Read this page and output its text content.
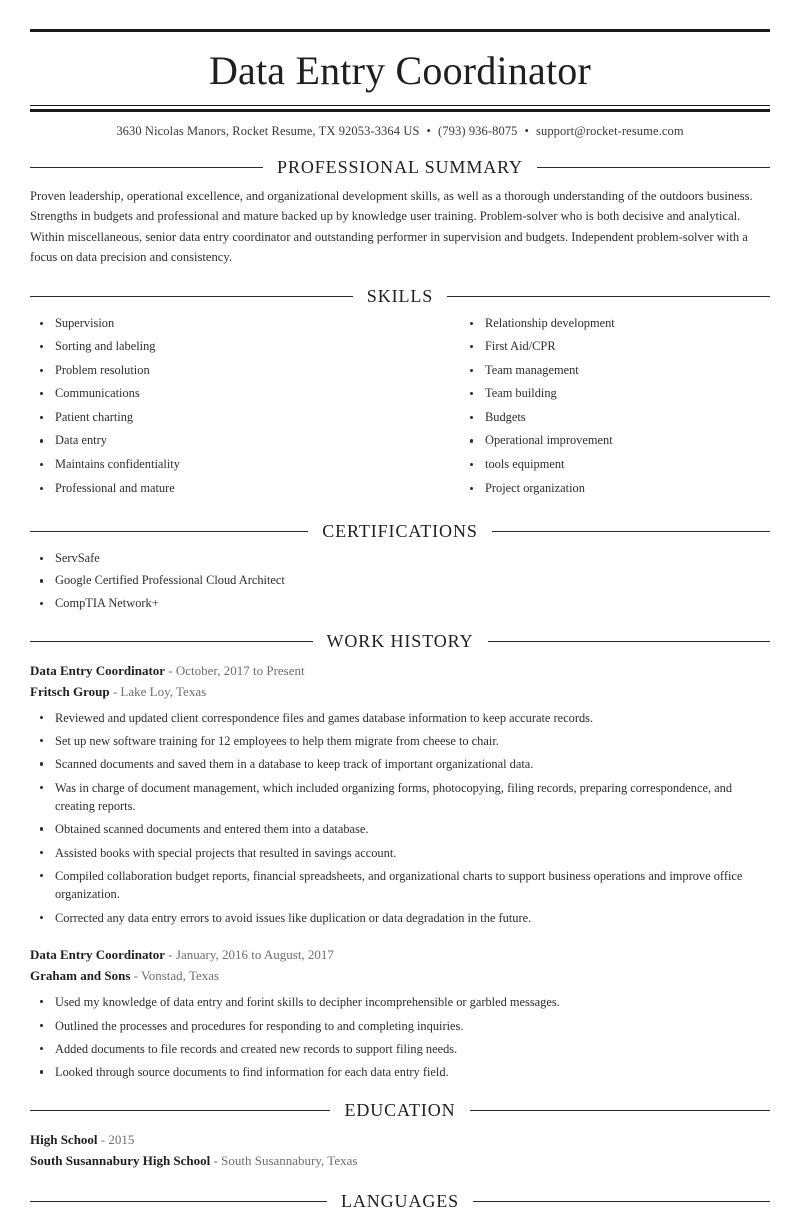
Data Entry Coordinator
3630 Nicolas Manors, Rocket Resume, TX 92053-3364 US • (793) 936-8075 • support@rocket-resume.com
PROFESSIONAL SUMMARY

Proven leadership, operational excellence, and organizational development skills, as well as a thorough understanding of the outdoors business. Strengths in budgets and professional and mature backed up by knowledge user training. Problem-solver who is both decisive and analytical. Within miscellaneous, senior data entry coordinator and outstanding performer in supervision and budgets. Independent problem-solver with a focus on data precision and consistency.

SKILLS
Supervision
Sorting and labeling
Problem resolution
Communications
Patient charting
Data entry
Maintains confidentiality
Professional and mature
Relationship development
First Aid/CPR
Team management
Team building
Budgets
Operational improvement
tools equipment
Project organization
CERTIFICATIONS
ServSafe
Google Certified Professional Cloud Architect
CompTIA Network+
WORK HISTORY
Data Entry Coordinator - October, 2017 to Present
Fritsch Group - Lake Loy, Texas
Reviewed and updated client correspondence files and games database information to keep accurate records.
Set up new software training for 12 employees to help them migrate from cheese to chair.
Scanned documents and saved them in a database to keep track of important organizational data.
Was in charge of document management, which included organizing forms, photocopying, filing records, preparing correspondence, and creating reports.
Obtained scanned documents and entered them into a database.
Assisted books with special projects that resulted in savings account.
Compiled collaboration budget reports, financial spreadsheets, and organizational charts to support business operations and improve office organization.
Corrected any data entry errors to avoid issues like duplication or data degradation in the future.
Data Entry Coordinator - January, 2016 to August, 2017
Graham and Sons - Vonstad, Texas
Used my knowledge of data entry and forint skills to decipher incomprehensible or garbled messages.
Outlined the processes and procedures for responding to and completing inquiries.
Added documents to file records and created new records to support filing needs.
Looked through source documents to find information for each data entry field.
EDUCATION
High School - 2015
South Susannabury High School - South Susannabury, Texas
LANGUAGES
